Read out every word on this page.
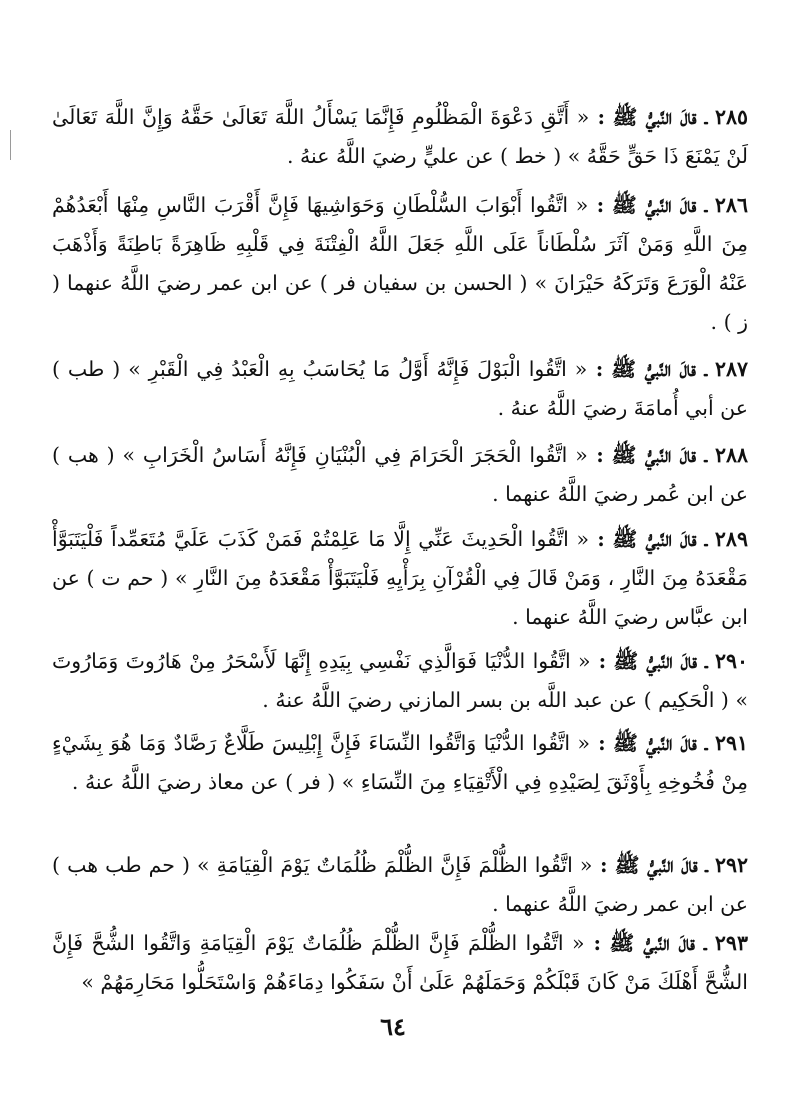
٢٨٥ ـ قالَ النَّبيُّ ﷺ : « أَتَّقِ دَعْوَةَ الْمَظْلُومِ فَإِنَّمَا يَسْأَلُ اللَّهَ تَعَالَىٰ حَقَّهُ وَإِنَّ اللَّهَ تَعَالَىٰ لَنْ يَمْنَعَ ذَا حَقٍّ حَقَّهُ » ( خط ) عن عليٍّ رضيَ اللَّهُ عنهُ .
٢٨٦ ـ قالَ النَّبيُّ ﷺ : « اتَّقُوا أَبْوَابَ السُّلْطَانِ وَحَوَاشِيهَا فَإِنَّ أَقْرَبَ النَّاسِ مِنْهَا أَبْعَدُهُمْ مِنَ اللَّهِ وَمَنْ آثَرَ سُلْطَاناً عَلَى اللَّهِ جَعَلَ اللَّهُ الْفِتْنَةَ فِي قَلْبِهِ ظَاهِرَةً بَاطِنَةً وَأَذْهَبَ عَنْهُ الْوَرَعَ وَتَرَكَهُ حَيْرَانَ » ( الحسن بن سفيان فر ) عن ابن عمر رضيَ اللَّهُ عنهما ( ز ) .
٢٨٧ ـ قالَ النَّبيُّ ﷺ : « اتَّقُوا الْبَوْلَ فَإِنَّهُ أَوَّلُ مَا يُحَاسَبُ بِهِ الْعَبْدُ فِي الْقَبْرِ » ( طب ) عن أبي أُمامَةَ رضيَ اللَّهُ عنهُ .
٢٨٨ ـ قالَ النَّبيُّ ﷺ : « اتَّقُوا الْحَجَرَ الْحَرَامَ فِي الْبُنْيَانِ فَإِنَّهُ أَسَاسُ الْخَرَابِ » ( هب ) عن ابن عُمر رضيَ اللَّهُ عنهما .
٢٨٩ ـ قالَ النَّبيُّ ﷺ : « اتَّقُوا الْحَدِيثَ عَنِّي إِلَّا مَا عَلِمْتُمْ فَمَنْ كَذَبَ عَلَيَّ مُتَعَمِّداً فَلْيَتَبَوَّأْ مَقْعَدَهُ مِنَ النَّارِ ، وَمَنْ قَالَ فِي الْقُرْآنِ بِرَأْيِهِ فَلْيَتَبَوَّأْ مَقْعَدَهُ مِنَ النَّارِ » ( حم ت ) عن ابن عبَّاس رضيَ اللَّهُ عنهما .
٢٩٠ ـ قالَ النَّبيُّ ﷺ : « اتَّقُوا الدُّنْيَا فَوَالَّذِي نَفْسِي بِيَدِهِ إِنَّهَا لَأَسْحَرُ مِنْ هَارُوتَ وَمَارُوتَ » ( الْحَكِيم ) عن عبد اللَّه بن بسر المازني رضيَ اللَّهُ عنهُ .
٢٩١ ـ قالَ النَّبيُّ ﷺ : « اتَّقُوا الدُّنْيَا وَاتَّقُوا النِّسَاءَ فَإِنَّ إِبْلِيسَ طَلَّاعٌ رَصَّادٌ وَمَا هُوَ بِشَيْءٍ مِنْ فُخُوخِهِ بِأَوْثَقَ لِصَيْدِهِ فِي الْأَتْقِيَاءِ مِنَ النِّسَاءِ » ( فر ) عن معاذ رضيَ اللَّهُ عنهُ .
٢٩٢ ـ قالَ النَّبيُّ ﷺ : « اتَّقُوا الظُّلْمَ فَإِنَّ الظُّلْمَ ظُلُمَاتٌ يَوْمَ الْقِيَامَةِ » ( حم طب هب ) عن ابن عمر رضيَ اللَّهُ عنهما .
٢٩٣ ـ قالَ النَّبيُّ ﷺ : « اتَّقُوا الظُّلْمَ فَإِنَّ الظُّلْمَ ظُلُمَاتٌ يَوْمَ الْقِيَامَةِ وَاتَّقُوا الشُّحَّ فَإِنَّ الشُّحَّ أَهْلَكَ مَنْ كَانَ قَبْلَكُمْ وَحَمَلَهُمْ عَلَىٰ أَنْ سَفَكُوا دِمَاءَهُمْ وَاسْتَحَلُّوا مَحَارِمَهُمْ »
٦٤
